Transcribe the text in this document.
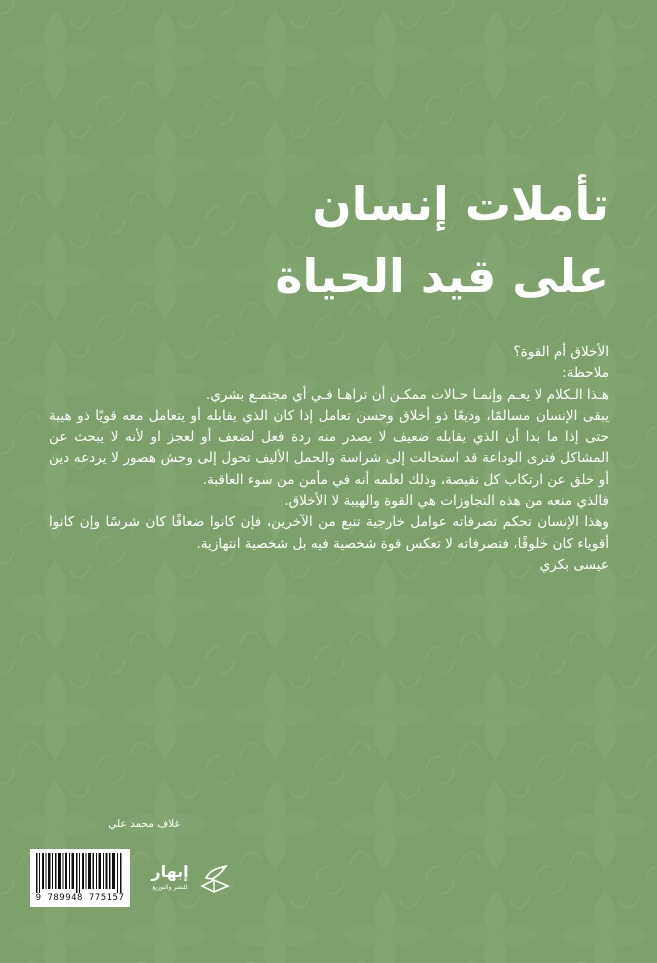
تأملات إنسان
على قيد الحياة

الأخلاق أم القوة؟

ملاحظة:

هـذا الـكلام لا يعـم وإنمـا حـالات ممكـن أن تراهـا فـي أي مجتمـع بشري.

يبقى الإنسان مسالمًا، وديعًا ذو أخلاق وحسن تعامل إذا كان الذي يقابله أو يتعامل معه قويًا ذو هيبة حتى إذا ما بدا أن الذي يقابله ضعيف لا يصدر منه ردة فعل لضعف أو لعجز او لأنه لا يبحث عن المشاكل فترى الوداعة قد استحالت إلى شراسة والحمل الأليف تحول إلى وحش هصور لا يردعه دين أو خلق عن ارتكاب كل نقيصة، وذلك لعلمه أنه في مأمن من سوء العاقبة.

فالذي منعه من هذه التجاوزات هي القوة والهيبة لا الأخلاق.

وهذا الإنسان تحكم تصرفاته عوامل خارجية تنبع من الآخرين، فإن كانوا ضعافًا كان شرسًا وإن كانوا أقوياء كان خلوقًا، فتصرفاته لا تعكس قوة شخصية فيه بل شخصية انتهازية.

عيسى بكري

غلاف محمد علي
9 789948 775157
إبهار
للنشر والتوزيع
